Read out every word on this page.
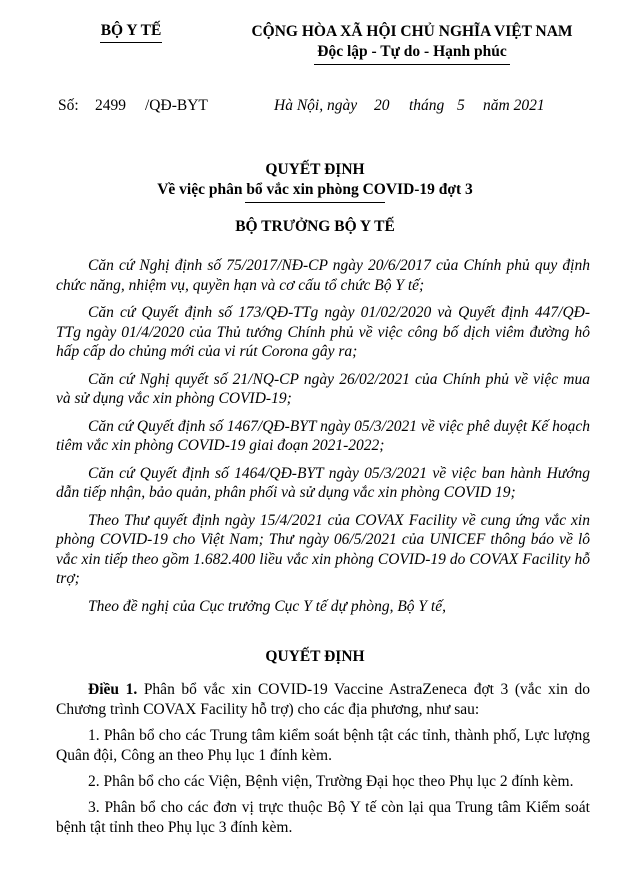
BỘ Y TẾ	CỘNG HÒA XÃ HỘI CHỦ NGHĨA VIỆT NAM
Độc lập - Tự do - Hạnh phúc
Số: 2499 /QĐ-BYT	Hà Nội, ngày 20 tháng 5 năm 2021
QUYẾT ĐỊNH
Về việc phân bổ vắc xin phòng COVID-19 đợt 3
BỘ TRƯỞNG BỘ Y TẾ

Căn cứ Nghị định số 75/2017/NĐ-CP ngày 20/6/2017 của Chính phủ quy định chức năng, nhiệm vụ, quyền hạn và cơ cấu tổ chức Bộ Y tế;

Căn cứ Quyết định số 173/QĐ-TTg ngày 01/02/2020 và Quyết định 447/QĐ-TTg ngày 01/4/2020 của Thủ tướng Chính phủ về việc công bố dịch viêm đường hô hấp cấp do chủng mới của vi rút Corona gây ra;

Căn cứ Nghị quyết số 21/NQ-CP ngày 26/02/2021 của Chính phủ về việc mua và sử dụng vắc xin phòng COVID-19;

Căn cứ Quyết định số 1467/QĐ-BYT ngày 05/3/2021 về việc phê duyệt Kế hoạch tiêm vắc xin phòng COVID-19 giai đoạn 2021-2022;

Căn cứ Quyết định số 1464/QĐ-BYT ngày 05/3/2021 về việc ban hành Hướng dẫn tiếp nhận, bảo quản, phân phối và sử dụng vắc xin phòng COVID 19;

Theo Thư quyết định ngày 15/4/2021 của COVAX Facility về cung ứng vắc xin phòng COVID-19 cho Việt Nam; Thư ngày 06/5/2021 của UNICEF thông báo về lô vắc xin tiếp theo gồm 1.682.400 liều vắc xin phòng COVID-19 do COVAX Facility hỗ trợ;

Theo đề nghị của Cục trưởng Cục Y tế dự phòng, Bộ Y tế,

QUYẾT ĐỊNH

Điều 1. Phân bổ vắc xin COVID-19 Vaccine AstraZeneca đợt 3 (vắc xin do Chương trình COVAX Facility hỗ trợ) cho các địa phương, như sau:

1. Phân bổ cho các Trung tâm kiểm soát bệnh tật các tỉnh, thành phố, Lực lượng Quân đội, Công an theo Phụ lục 1 đính kèm.

2. Phân bổ cho các Viện, Bệnh viện, Trường Đại học theo Phụ lục 2 đính kèm.

3. Phân bổ cho các đơn vị trực thuộc Bộ Y tế còn lại qua Trung tâm Kiểm soát bệnh tật tỉnh theo Phụ lục 3 đính kèm.
